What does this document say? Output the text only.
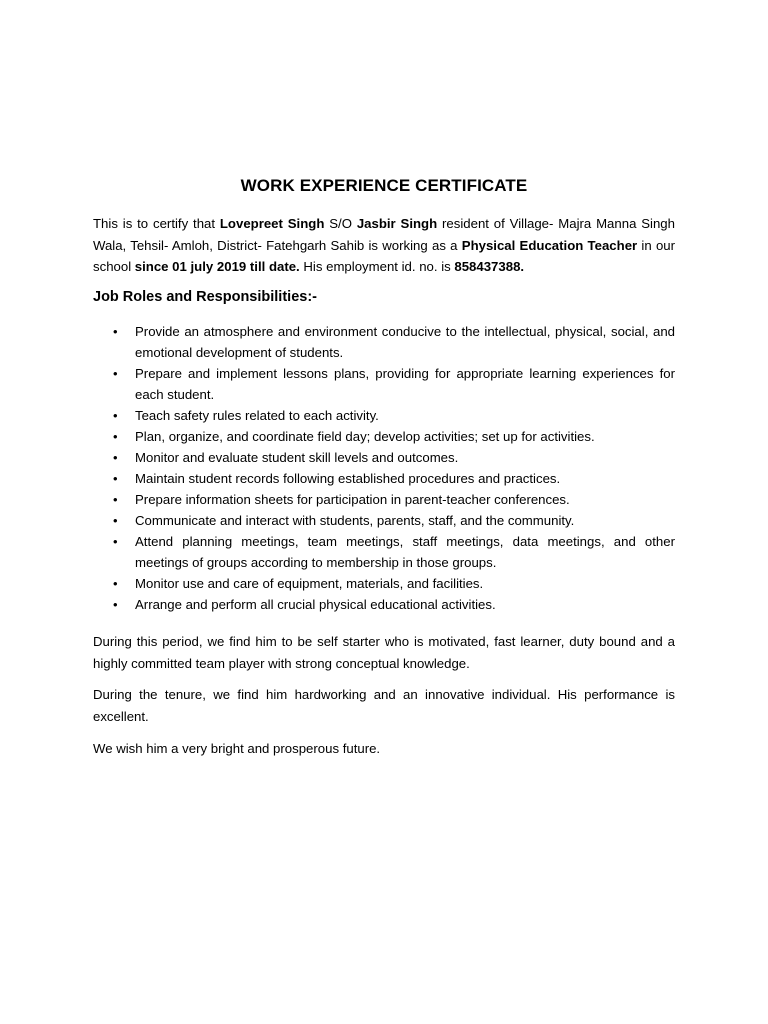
WORK EXPERIENCE CERTIFICATE

This is to certify that Lovepreet Singh S/O Jasbir Singh resident of Village- Majra Manna Singh Wala, Tehsil- Amloh, District- Fatehgarh Sahib is working as a Physical Education Teacher in our school since 01 july 2019 till date. His employment id. no. is 858437388.

Job Roles and Responsibilities:-
• Provide an atmosphere and environment conducive to the intellectual, physical, social, and emotional development of students.
• Prepare and implement lessons plans, providing for appropriate learning experiences for each student.
• Teach safety rules related to each activity.
• Plan, organize, and coordinate field day; develop activities; set up for activities.
• Monitor and evaluate student skill levels and outcomes.
• Maintain student records following established procedures and practices.
• Prepare information sheets for participation in parent-teacher conferences.
• Communicate and interact with students, parents, staff, and the community.
• Attend planning meetings, team meetings, staff meetings, data meetings, and other meetings of groups according to membership in those groups.
• Monitor use and care of equipment, materials, and facilities.
• Arrange and perform all crucial physical educational activities.

During this period, we find him to be self starter who is motivated, fast learner, duty bound and a highly committed team player with strong conceptual knowledge.

During the tenure, we find him hardworking and an innovative individual. His performance is excellent.

We wish him a very bright and prosperous future.
